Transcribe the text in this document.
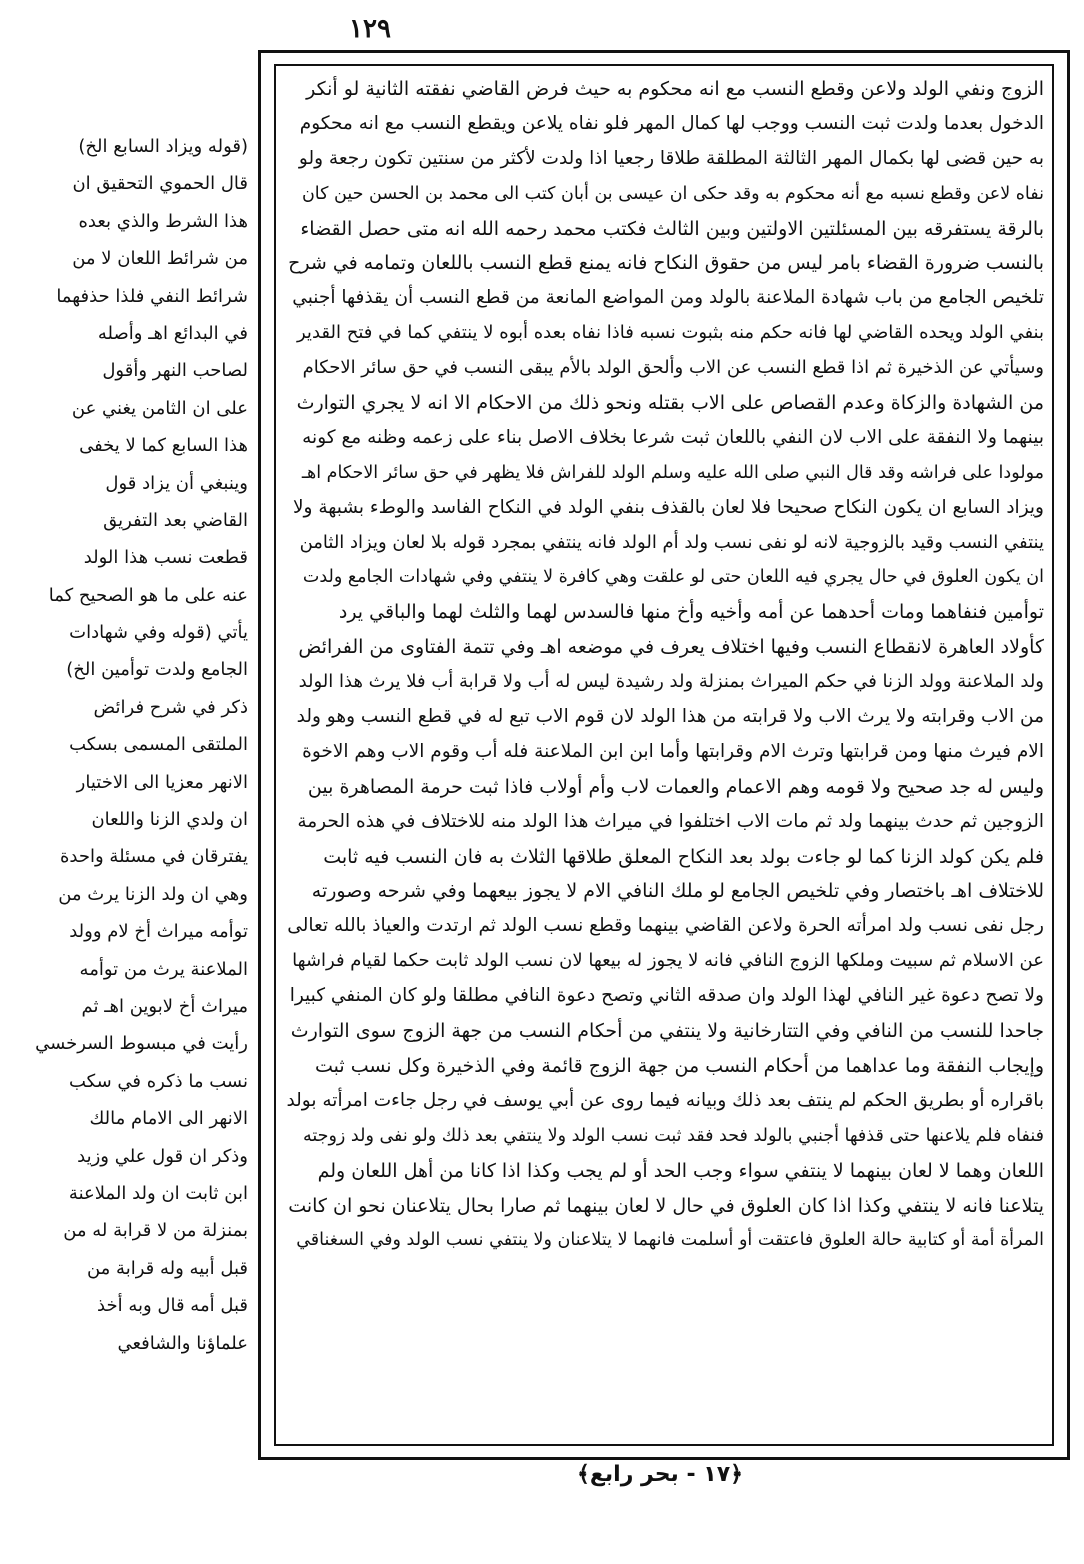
١٢٩
الزوج ونفي الولد ولاعن وقطع النسب مع انه محكوم به حيث فرض القاضي نفقته الثانية لو أنكر
الدخول بعدما ولدت ثبت النسب ووجب لها كمال المهر فلو نفاه يلاعن ويقطع النسب مع انه محكوم
به حين قضى لها بكمال المهر الثالثة المطلقة طلاقا رجعيا اذا ولدت لأكثر من سنتين تكون رجعة ولو
نفاه لاعن وقطع نسبه مع أنه محكوم به وقد حكى ان عيسى بن أبان كتب الى محمد بن الحسن حين كان
بالرقة يستفرقه بين المسئلتين الاولتين وبين الثالث فكتب محمد رحمه الله انه متى حصل القضاء
بالنسب ضرورة القضاء بامر ليس من حقوق النكاح فانه يمنع قطع النسب باللعان وتمامه في شرح
تلخيص الجامع من باب شهادة الملاعنة بالولد ومن المواضع المانعة من قطع النسب أن يقذفها أجنبي
بنفي الولد ويحده القاضي لها فانه حكم منه بثبوت نسبه فاذا نفاه بعده أبوه لا ينتفي كما في فتح القدير
وسيأتي عن الذخيرة ثم اذا قطع النسب عن الاب وألحق الولد بالأم يبقى النسب في حق سائر الاحكام
من الشهادة والزكاة وعدم القصاص على الاب بقتله ونحو ذلك من الاحكام الا انه لا يجري التوارث
بينهما ولا النفقة على الاب لان النفي باللعان ثبت شرعا بخلاف الاصل بناء على زعمه وظنه مع كونه
مولودا على فراشه وقد قال النبي صلى الله عليه وسلم الولد للفراش فلا يظهر في حق سائر الاحكام اهـ
ويزاد السابع ان يكون النكاح صحيحا فلا لعان بالقذف بنفي الولد في النكاح الفاسد والوطء بشبهة ولا
ينتفي النسب وقيد بالزوجية لانه لو نفى نسب ولد أم الولد فانه ينتفي بمجرد قوله بلا لعان ويزاد الثامن
ان يكون العلوق في حال يجري فيه اللعان حتى لو علقت وهي كافرة لا ينتفي وفي شهادات الجامع ولدت
توأمين فنفاهما ومات أحدهما عن أمه وأخيه وأخ منها فالسدس لهما والثلث لهما والباقي يرد
كأولاد العاهرة لانقطاع النسب وفيها اختلاف يعرف في موضعه اهـ وفي تتمة الفتاوى من الفرائض
ولد الملاعنة وولد الزنا في حكم الميراث بمنزلة ولد رشيدة ليس له أب ولا قرابة أب فلا يرث هذا الولد
من الاب وقرابته ولا يرث الاب ولا قرابته من هذا الولد لان قوم الاب تبع له في قطع النسب وهو ولد
الام فيرث منها ومن قرابتها وترث الام وقرابتها وأما ابن ابن الملاعنة فله أب وقوم الاب وهم الاخوة
وليس له جد صحيح ولا قومه وهم الاعمام والعمات لاب وأم أولاب فاذا ثبت حرمة المصاهرة بين
الزوجين ثم حدث بينهما ولد ثم مات الاب اختلفوا في ميراث هذا الولد منه للاختلاف في هذه الحرمة
فلم يكن كولد الزنا كما لو جاءت بولد بعد النكاح المعلق طلاقها الثلاث به فان النسب فيه ثابت
للاختلاف اهـ باختصار وفي تلخيص الجامع لو ملك النافي الام لا يجوز بيعهما وفي شرحه وصورته
رجل نفى نسب ولد امرأته الحرة ولاعن القاضي بينهما وقطع نسب الولد ثم ارتدت والعياذ بالله تعالى
عن الاسلام ثم سبيت وملكها الزوج النافي فانه لا يجوز له بيعها لان نسب الولد ثابت حكما لقيام فراشها
ولا تصح دعوة غير النافي لهذا الولد وان صدقه الثاني وتصح دعوة النافي مطلقا ولو كان المنفي كبيرا
جاحدا للنسب من النافي وفي التتارخانية ولا ينتفي من أحكام النسب من جهة الزوج سوى التوارث
وإيجاب النفقة وما عداهما من أحكام النسب من جهة الزوج قائمة وفي الذخيرة وكل نسب ثبت
باقراره أو بطريق الحكم لم ينتف بعد ذلك وبيانه فيما روى عن أبي يوسف في رجل جاءت امرأته بولد
فنفاه فلم يلاعنها حتى قذفها أجنبي بالولد فحد فقد ثبت نسب الولد ولا ينتفي بعد ذلك ولو نفى ولد زوجته
اللعان وهما لا لعان بينهما لا ينتفي سواء وجب الحد أو لم يجب وكذا اذا كانا من أهل اللعان ولم
يتلاعنا فانه لا ينتفي وكذا اذا كان العلوق في حال لا لعان بينهما ثم صارا بحال يتلاعنان نحو ان كانت
المرأة أمة أو كتابية حالة العلوق فاعتقت أو أسلمت فانهما لا يتلاعنان ولا ينتفي نسب الولد وفي السغناقي
(قوله ويزاد السابع الخ)
قال الحموي التحقيق ان
هذا الشرط والذي بعده
من شرائط اللعان لا من
شرائط النفي فلذا حذفهما
في البدائع اهـ وأصله
لصاحب النهر وأقول
على ان الثامن يغني عن
هذا السابع كما لا يخفى
وينبغي أن يزاد قول
القاضي بعد التفريق
قطعت نسب هذا الولد
عنه على ما هو الصحيح كما
يأتي (قوله وفي شهادات
الجامع ولدت توأمين الخ)
ذكر في شرح فرائض
الملتقى المسمى بسكب
الانهر معزيا الى الاختيار
ان ولدي الزنا واللعان
يفترقان في مسئلة واحدة
وهي ان ولد الزنا يرث من
توأمه ميراث أخ لام وولد
الملاعنة يرث من توأمه
ميراث أخ لابوين اهـ ثم
رأيت في مبسوط السرخسي
نسب ما ذكره في سكب
الانهر الى الامام مالك
وذكر ان قول علي وزيد
ابن ثابت ان ولد الملاعنة
بمنزلة من لا قرابة له من
قبل أبيه وله قرابة من
قبل أمه قال وبه أخذ
علماؤنا والشافعي
﴿١٧ - بحر رابع﴾
